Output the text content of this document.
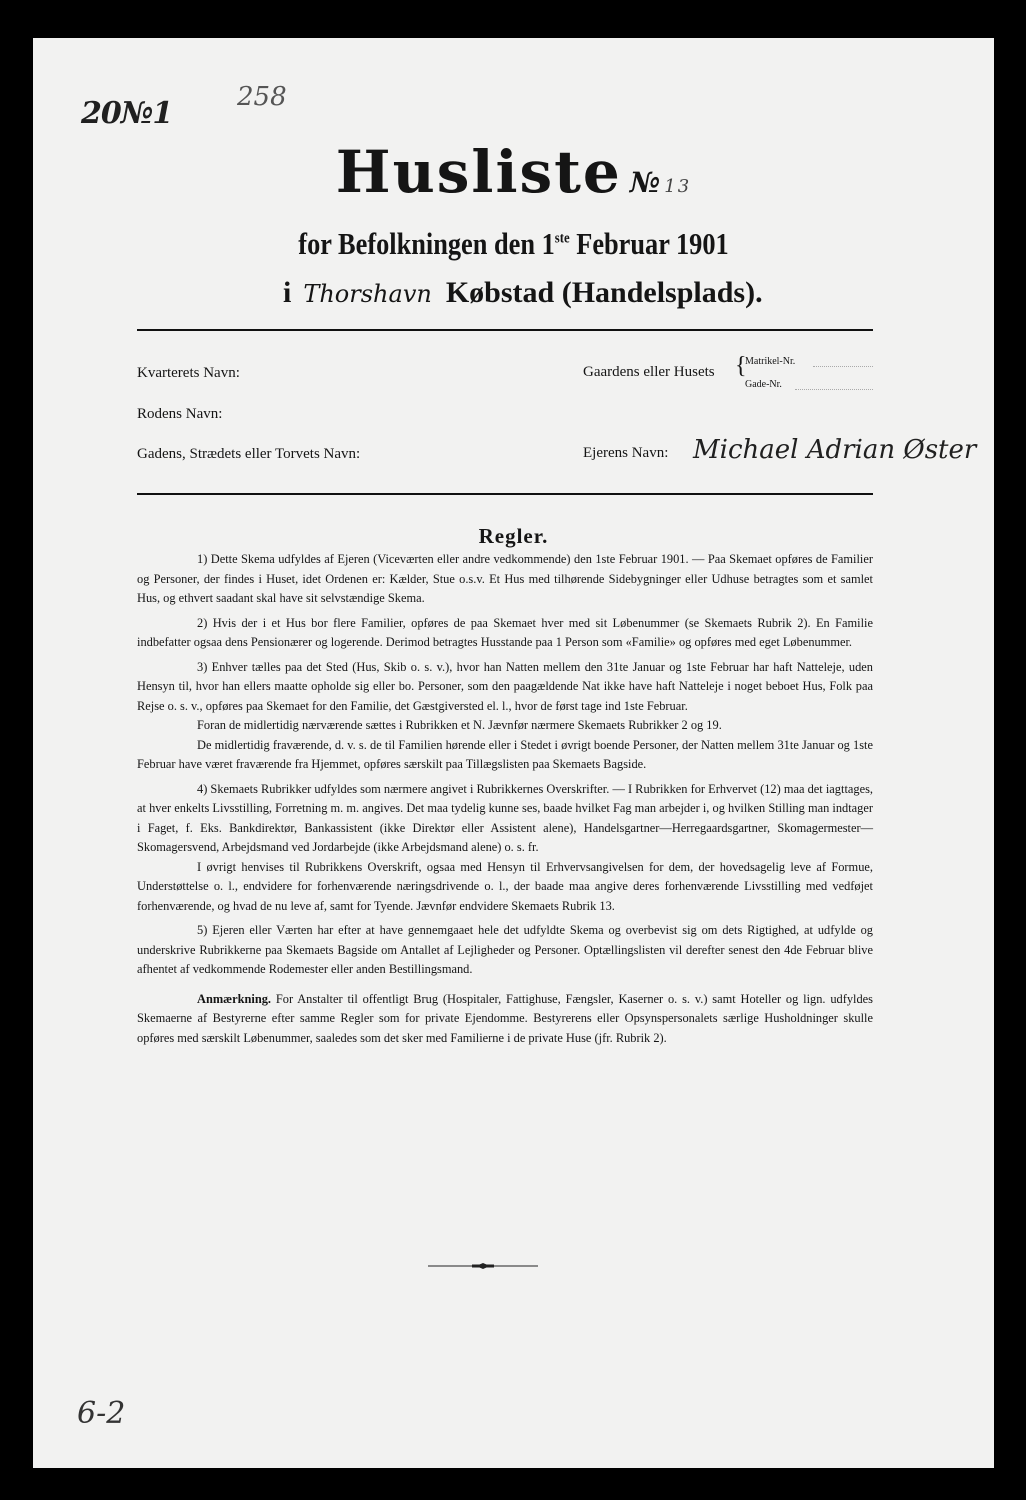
20№1 258
Husliste № 13
for Befolkningen den 1ste Februar 1901
i Thorshavn Købstad (Handelsplads).
Kvarterets Navn:
Rodens Navn:
Gadens, Strædets eller Torvets Navn:
Gaardens eller Husets {
Matrikel-Nr.
Gade-Nr.
Ejerens Navn: Michael Adrian Øster
Regler.

1) Dette Skema udfyldes af Ejeren (Viceværten eller andre vedkommende) den 1ste Februar 1901. — Paa Skemaet opføres de Familier og Personer, der findes i Huset, idet Ordenen er: Kælder, Stue o.s.v. Et Hus med tilhørende Sidebygninger eller Udhuse betragtes som et samlet Hus, og ethvert saadant skal have sit selvstændige Skema.

2) Hvis der i et Hus bor flere Familier, opføres de paa Skemaet hver med sit Løbenummer (se Skemaets Rubrik 2). En Familie indbefatter ogsaa dens Pensionærer og logerende. Derimod betragtes Husstande paa 1 Person som «Familie» og opføres med eget Løbenummer.

3) Enhver tælles paa det Sted (Hus, Skib o. s. v.), hvor han Natten mellem den 31te Januar og 1ste Februar har haft Natteleje, uden Hensyn til, hvor han ellers maatte opholde sig eller bo. Personer, som den paagældende Nat ikke have haft Natteleje i noget beboet Hus, Folk paa Rejse o. s. v., opføres paa Skemaet for den Familie, det Gæstgiversted el. l., hvor de først tage ind 1ste Februar.

Foran de midlertidig nærværende sættes i Rubrikken et N. Jævnfør nærmere Skemaets Rubrikker 2 og 19.

De midlertidig fraværende, d. v. s. de til Familien hørende eller i Stedet i øvrigt boende Personer, der Natten mellem 31te Januar og 1ste Februar have været fraværende fra Hjemmet, opføres særskilt paa Tillægslisten paa Skemaets Bagside.

4) Skemaets Rubrikker udfyldes som nærmere angivet i Rubrikkernes Overskrifter. — I Rubrikken for Erhvervet (12) maa det iagttages, at hver enkelts Livsstilling, Forretning m. m. angives. Det maa tydelig kunne ses, baade hvilket Fag man arbejder i, og hvilken Stilling man indtager i Faget, f. Eks. Bankdirektør, Bankassistent (ikke Direktør eller Assistent alene), Handelsgartner—Herregaardsgartner, Skomagermester—Skomagersvend, Arbejdsmand ved Jordarbejde (ikke Arbejdsmand alene) o. s. fr.

I øvrigt henvises til Rubrikkens Overskrift, ogsaa med Hensyn til Erhvervsangivelsen for dem, der hovedsagelig leve af Formue, Understøttelse o. l., endvidere for forhenværende næringsdrivende o. l., der baade maa angive deres forhenværende Livsstilling med vedføjet forhenværende, og hvad de nu leve af, samt for Tyende. Jævnfør endvidere Skemaets Rubrik 13.

5) Ejeren eller Værten har efter at have gennemgaaet hele det udfyldte Skema og overbevist sig om dets Rigtighed, at udfylde og underskrive Rubrikkerne paa Skemaets Bagside om Antallet af Lejligheder og Personer. Optællingslisten vil derefter senest den 4de Februar blive afhentet af vedkommende Rodemester eller anden Bestillingsmand.

Anmærkning. For Anstalter til offentligt Brug (Hospitaler, Fattighuse, Fængsler, Kaserner o. s. v.) samt Hoteller og lign. udfyldes Skemaerne af Bestyrerne efter samme Regler som for private Ejendomme. Bestyrerens eller Opsynspersonalets særlige Husholdninger skulle opføres med særskilt Løbenummer, saaledes som det sker med Familierne i de private Huse (jfr. Rubrik 2).

6-2
